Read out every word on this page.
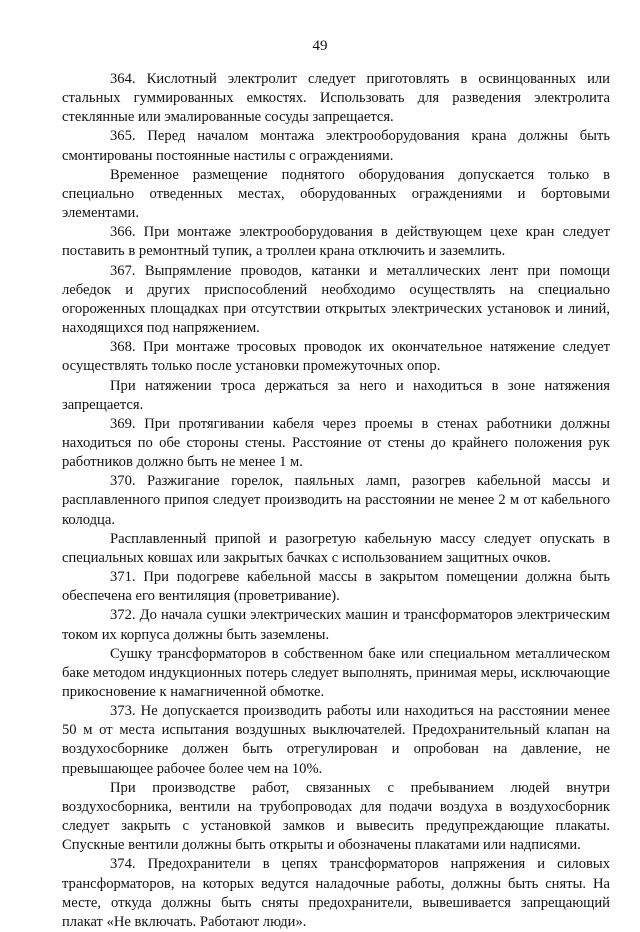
49

364. Кислотный электролит следует приготовлять в освинцованных или стальных гуммированных емкостях. Использовать для разведения электролита стеклянные или эмалированные сосуды запрещается.

365. Перед началом монтажа электрооборудования крана должны быть смонтированы постоянные настилы с ограждениями.

Временное размещение поднятого оборудования допускается только в специально отведенных местах, оборудованных ограждениями и бортовыми элементами.

366. При монтаже электрооборудования в действующем цехе кран следует поставить в ремонтный тупик, а троллеи крана отключить и заземлить.

367. Выпрямление проводов, катанки и металлических лент при помощи лебедок и других приспособлений необходимо осуществлять на специально огороженных площадках при отсутствии открытых электрических установок и линий, находящихся под напряжением.

368. При монтаже тросовых проводок их окончательное натяжение следует осуществлять только после установки промежуточных опор.

При натяжении троса держаться за него и находиться в зоне натяжения запрещается.

369. При протягивании кабеля через проемы в стенах работники должны находиться по обе стороны стены. Расстояние от стены до крайнего положения рук работников должно быть не менее 1 м.

370. Разжигание горелок, паяльных ламп, разогрев кабельной массы и расплавленного припоя следует производить на расстоянии не менее 2 м от кабельного колодца.

Расплавленный припой и разогретую кабельную массу следует опускать в специальных ковшах или закрытых бачках с использованием защитных очков.

371. При подогреве кабельной массы в закрытом помещении должна быть обеспечена его вентиляция (проветривание).

372. До начала сушки электрических машин и трансформаторов электрическим током их корпуса должны быть заземлены.

Сушку трансформаторов в собственном баке или специальном металлическом баке методом индукционных потерь следует выполнять, принимая меры, исключающие прикосновение к намагниченной обмотке.

373. Не допускается производить работы или находиться на расстоянии менее 50 м от места испытания воздушных выключателей. Предохранительный клапан на воздухосборнике должен быть отрегулирован и опробован на давление, не превышающее рабочее более чем на 10%.

При производстве работ, связанных с пребыванием людей внутри воздухосборника, вентили на трубопроводах для подачи воздуха в воздухосборник следует закрыть с установкой замков и вывесить предупреждающие плакаты. Спускные вентили должны быть открыты и обозначены плакатами или надписями.

374. Предохранители в цепях трансформаторов напряжения и силовых трансформаторов, на которых ведутся наладочные работы, должны быть сняты. На месте, откуда должны быть сняты предохранители, вывешивается запрещающий плакат «Не включать. Работают люди».
